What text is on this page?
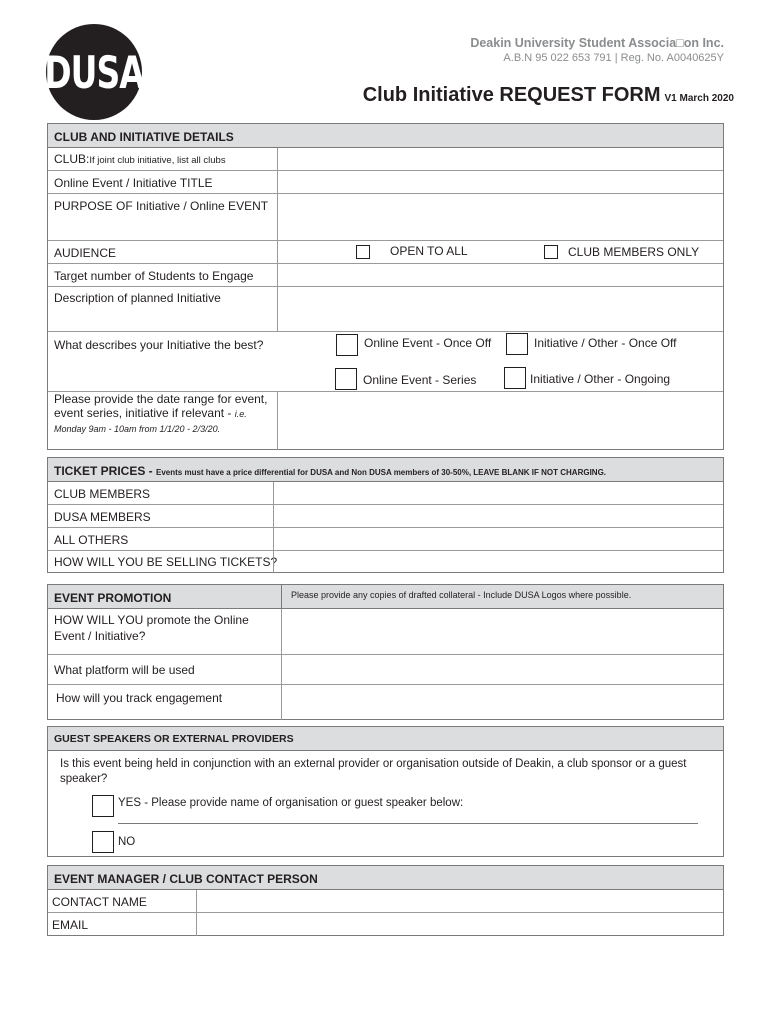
DUSA
Deakin University Student Associa□on Inc.
A.B.N 95 022 653 791 | Reg. No. A0040625Y
Club Initiative REQUEST FORM V1 March 2020
CLUB AND INITIATIVE DETAILS
CLUB:If joint club initiative, list all clubs
Online Event / Initiative TITLE
PURPOSE OF Initiative / Online EVENT
AUDIENCE	OPEN TO ALL	CLUB MEMBERS ONLY
Target number of Students to Engage
Description of planned Initiative
What describes your Initiative the best?	Online Event - Once Off	Initiative / Other - Once Off
Online Event - Series	Initiative / Other - Ongoing
Please provide the date range for event, event series, initiative if relevant - i.e. Monday 9am - 10am from 1/1/20 - 2/3/20.
TICKET PRICES - Events must have a price differential for DUSA and Non DUSA members of 30-50%, LEAVE BLANK IF NOT CHARGING.
CLUB MEMBERS
DUSA MEMBERS
ALL OTHERS
HOW WILL YOU BE SELLING TICKETS?
EVENT PROMOTION	Please provide any copies of drafted collateral - Include DUSA Logos where possible.
HOW WILL YOU promote the Online Event / Initiative?
What platform will be used
How will you track engagement
GUEST SPEAKERS OR EXTERNAL PROVIDERS
Is this event being held in conjunction with an external provider or organisation outside of Deakin, a club sponsor or a guest speaker?
YES - Please provide name of organisation or guest speaker below:
NO
EVENT MANAGER / CLUB CONTACT PERSON
CONTACT NAME
EMAIL
